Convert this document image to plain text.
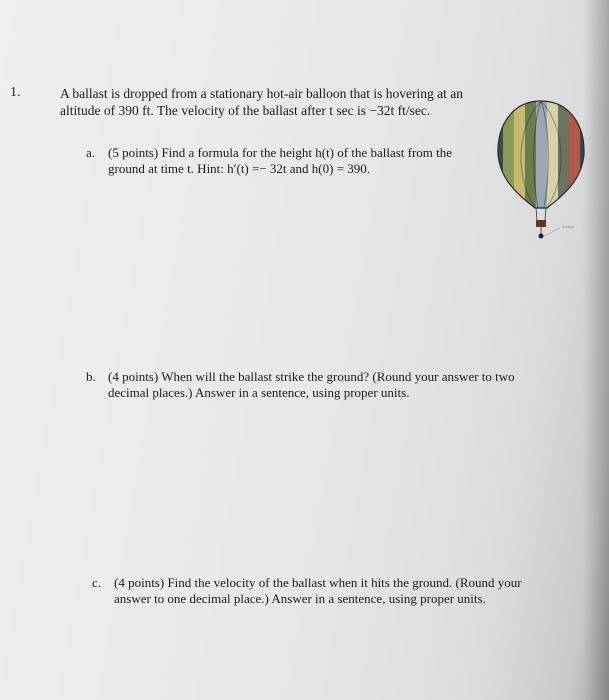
1.	A ballast is dropped from a stationary hot-air balloon that is hovering at an altitude of 390 ft. The velocity of the ballast after t sec is −32t ft/sec.
a. (5 points) Find a formula for the height h(t) of the ballast from the ground at time t. Hint: h′(t) =− 32t and h(0) = 390.
b. (4 points) When will the ballast strike the ground? (Round your answer to two decimal places.) Answer in a sentence, using proper units.
c. (4 points) Find the velocity of the ballast when it hits the ground. (Round your answer to one decimal place.) Answer in a sentence, using proper units.
Ballast
